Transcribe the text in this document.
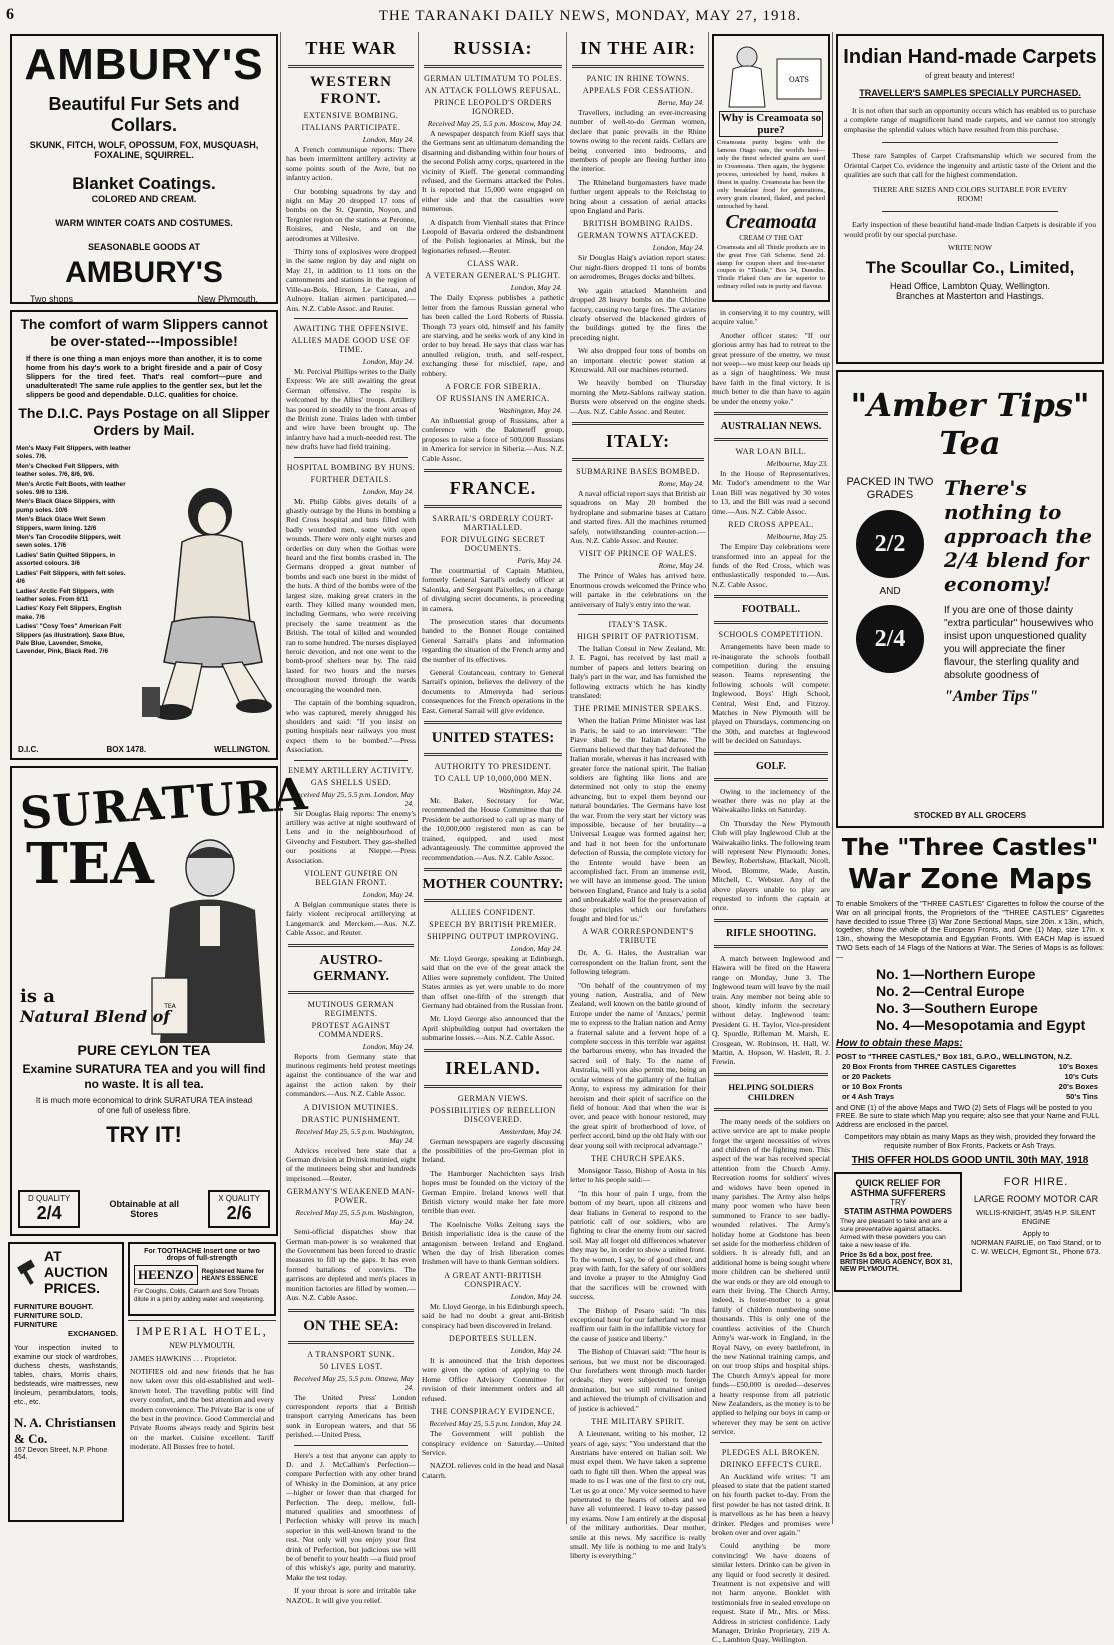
6	THE TARANAKI DAILY NEWS, MONDAY, MAY 27, 1918.
AMBURY'S
Beautiful Fur Sets and Collars.
SKUNK, FITCH, WOLF, OPOSSUM, FOX, MUSQUASH, FOXALINE, SQUIRREL.
Blanket Coatings.
COLORED AND CREAM.
WARM WINTER COATS AND COSTUMES.
SEASONABLE GOODS AT
AMBURY'S
Two shops	New Plymouth.
The comfort of warm Slippers cannot be over-stated---Impossible!
If there is one thing a man enjoys more than another, it is to come home from his day's work to a bright fireside and a pair of Cosy Slippers for the tired feet. That's real comfort—pure and unadulterated! The same rule applies to the gentler sex, but let the slippers be good and dependable. D.I.C. qualities for choice.
The D.I.C. Pays Postage on all Slipper Orders by Mail.
Men's Maxy Felt Slippers, with leather soles. 7/6.
Men's Checked Felt Slippers, with leather soles. 7/6, 8/6, 9/6.
Men's Arctic Felt Boots, with leather soles. 9/6 to 13/6.
Men's Black Glace Slippers, with pump soles. 10/6
Men's Black Glace Welt Sewn Slippers, warm lining. 12/6
Men's Tan Crocodile Slippers, welt sewn soles. 17/6
Ladies' Satin Quilted Slippers, in assorted colours. 3/6
Ladies' Felt Slippers, with felt soles. 4/6
Ladies' Arctic Felt Slippers, with leather soles. From 6/11
Ladies' Kozy Felt Slippers, English make. 7/6
Ladies' "Cosy Toes" American Felt Slippers (as illustration). Saxe Blue, Pale Blue, Lavender, Smoke, Lavender, Pink, Black Red. 7/6
D.I.C.	BOX 1478.	WELLINGTON.
SURATURA
TEA
TEA
is a
Natural Blend of
PURE CEYLON TEA
Examine SURATURA TEA and you will find no waste. It is all tea.
It is much more economical to drink SURATURA TEA instead of one full of useless fibre.
TRY IT!
D QUALITY
2/4	Obtainable at all Stores
X QUALITY
2/6
AT AUCTION PRICES.
FURNITURE BOUGHT.
FURNITURE SOLD.
FURNITURE
EXCHANGED.
Your inspection invited to examine our stock of wardrobes, duchess chests, washstands, tables, chairs, Morris chairs, bedsteads, wire mattresses, new linoleum, perambulators, tools, etc., etc.
N. A. Christiansen & Co.
167 Devon Street, N.P. Phone 454.
For TOOTHACHE Insert one or two drops of full-strength
HEENZO	Registered Name for HEAN'S ESSENCE
For Coughs, Colds, Catarrh and Sore Throats dilute in a pint by adding water and sweetening.
IMPERIAL HOTEL,
NEW PLYMOUTH.
JAMES HAWKINS . . . Proprietor.
NOTIFIES old and new friends that he has now taken over this old-established and well-known hotel. The travelling public will find every comfort, and the best attention and every modern convenience. The Private Bar is one of the best in the province. Good Commercial and Private Rooms always ready and Spirits best on the market. Cuisine excellent. Tariff moderate. All Busses free to hotel.
THE WAR
WESTERN FRONT.
EXTENSIVE BOMBING.
ITALIANS PARTICIPATE.
London, May 24.
A French communique reports: There has been intermittent artillery activity at some points south of the Avre, but no infantry action.
Our bombing squadrons by day and night on May 20 dropped 17 tons of bombs on the St. Quentin, Noyon, and Tergnier region on the stations at Peronne, Roisires, and Nesle, and on the aerodromes at Villesive.
Thirty tons of explosives were dropped in the same region by day and night on May 21, in addition to 11 tons on the cantonments and stations in the region of Ville-au-Bois, Hirson, Le Cateau, and Aulnoye. Italian airmen participated.—Aus. N.Z. Cable Assoc. and Reuter.
AWAITING THE OFFENSIVE.
ALLIES MADE GOOD USE OF TIME.
London, May 24.
Mr. Percival Phillips writes to the Daily Express: We are still awaiting the great German offensive. The respite is welcomed by the Allies' troops. Artillery has poured in steadily to the front areas of the British zone. Trains laden with timber and wire have been brought up. The infantry have had a much-needed rest. The new drafts have had field training.
HOSPITAL BOMBING BY HUNS.
FURTHER DETAILS.
London, May 24.
Mr. Philip Gibbs gives details of a ghastly outrage by the Huns in bombing a Red Cross hospital and huts filled with badly wounded men, some with open wounds. There were only eight nurses and orderlies on duty when the Gothas were heard and the first bombs crashed in. The Germans dropped a great number of bombs and each one burst in the midst of the huts. A third of the bombs were of the largest size, making great craters in the earth. They killed many wounded men, including Germans, who were receiving precisely the same treatment as the British. The total of killed and wounded ran to some hundred. The nurses displayed heroic devotion, and not one went to the bomb-proof shelters near by. The raid lasted for two hours and the nurses throughout moved through the wards encouraging the wounded men.
The captain of the bombing squadron, who was captured, merely shrugged his shoulders and said: "If you insist on putting hospitals near railways you must expect them to be bombed."—Press Association.
ENEMY ARTILLERY ACTIVITY.
GAS SHELLS USED.
Received May 25, 5.5 p.m. London, May 24.
Sir Douglas Haig reports: The enemy's artillery was active at night southward of Lens and in the neighbourhood of Givenchy and Festubert. They gas-shelled our positions at Nieppe.—Press Association.
VIOLENT GUNFIRE ON BELGIAN FRONT.
London, May 24.
A Belgian communique states there is fairly violent reciprocal artillerying at Langemarck and Merckem.—Aus. N.Z. Cable Assoc. and Reuter.
AUSTRO-GERMANY.
MUTINOUS GERMAN REGIMENTS.
PROTEST AGAINST COMMANDERS.
London, May 24.
Reports from Germany state that mutinous regiments held protest meetings against the continuance of the war and against the action taken by their commanders.—Aus. N.Z. Cable Assoc.
A DIVISION MUTINIES.
DRASTIC PUNISHMENT.
Received May 25, 5.5 p.m. Washington, May 24.
Advices received here state that a German division at Dvinsk mutinied, eight of the mutineers being shot and hundreds imprisoned.—Reuter.
GERMANY'S WEAKENED MAN-POWER.
Received May 25, 5.5 p.m. Washington, May 24.
Semi-official dispatches show that German man-power is so weakened that the Government has been forced to drastic measures to fill up the gaps. It has even formed battalions of convicts. The garrisons are depleted and men's places in munition factories are filled by women.—Aus. N.Z. Cable Assoc.
ON THE SEA:
A TRANSPORT SUNK.
50 LIVES LOST.
Received May 25, 5.5 p.m. Ottawa, May 24.
The United Press' London correspondent reports that a British transport carrying Americans has been sunk in European waters, and that 56 perished.—United Press.
Here's a test that anyone can apply to D. and J. McCallum's Perfection—compare Perfection with any other brand of Whisky in the Dominion, at any price —higher or lower than that charged for Perfection. The deep, mellow, full-matured qualities and smoothness of Perfection whisky will prove its much superior in this well-known brand to the rest. Not only will you enjoy your first drink of Perfection, but judicious use will be of benefit to your health —a fluid proof of this whisky's age, purity and maturity. Make the test today.
If your throat is sore and irritable take NAZOL. It will give you relief.
RUSSIA:
GERMAN ULTIMATUM TO POLES.
AN ATTACK FOLLOWS REFUSAL.
PRINCE LEOPOLD'S ORDERS IGNORED.
Received May 25, 5.5 p.m. Moscow, May 24.
A newspaper despatch from Kieff says that the Germans sent an ultimatum demanding the disarming and disbanding within four hours of the second Polish army corps, quartered in the vicinity of Kieff. The general commanding refused, and the Germans attacked the Poles. It is reported that 15,000 were engaged on either side and that the casualties were numerous.
A dispatch from Vienhall states that Prince Leopold of Bavaria ordered the disbandment of the Polish legionaries at Minsk, but the legionaries refused.—Reuter.
CLASS WAR.
A VETERAN GENERAL'S PLIGHT.
London, May 24.
The Daily Express publishes a pathetic letter from the famous Russian general who has been called the Lord Roberts of Russia. Though 73 years old, himself and his family are starving, and he seeks work of any kind in order to buy bread. He says that class war has annulled religion, truth, and self-respect, exchanging these for mischief, rape, and robbery.
A FORCE FOR SIBERIA.
OF RUSSIANS IN AMERICA.
Washington, May 24.
An influential group of Russians, after a conference with the Bakmeteff group, proposes to raise a force of 500,000 Russians in America for service in Siberia.—Aus. N.Z. Cable Assoc.
FRANCE.
SARRAIL'S ORDERLY COURT-MARTIALLED.
FOR DIVULGING SECRET DOCUMENTS.
Paris, May 24.
The courtmartial of Captain Mathieu, formerly General Sarrail's orderly officer at Salonika, and Sergeant Paixelles, on a charge of divulging secret documents, is proceeding in camera.
The prosecution states that documents handed to the Bonnet Rouge contained General Sarrail's plans and information regarding the situation of the French army and the number of its effectives.
General Coutanceau, contrary to General Sarrail's opinion, believes the delivery of the documents to Almereyda had serious consequences for the French operations in the East. General Sarrail will give evidence.
UNITED STATES:
AUTHORITY TO PRESIDENT.
TO CALL UP 10,000,000 MEN.
Washington, May 24.
Mr. Baker, Secretary for War, recommended the House Committee that the President be authorised to call up as many of the 10,000,000 registered men as can be trained, equipped, and used most advantageously. The committee approved the recommendation.—Aus. N.Z. Cable Assoc.
MOTHER COUNTRY:
ALLIES CONFIDENT.
SPEECH BY BRITISH PREMIER.
SHIPPING OUTPUT IMPROVING.
London, May 24.
Mr. Lloyd George, speaking at Edinburgh, said that on the eve of the great attack the Allies were supremely confident. The United States armies as yet were unable to do more than offset one-fifth of the strength that Germany had obtained from the Russian front.
Mr. Lloyd George also announced that the April shipbuilding output had overtaken the submarine losses.—Aus. N.Z. Cable Assoc.
IRELAND.
GERMAN VIEWS.
POSSIBILITIES OF REBELLION DISCOVERED.
Amsterdam, May 24.
German newspapers are eagerly discussing the possibilities of the pro-German plot in Ireland.
The Hamburger Nachrichten says Irish hopes must be founded on the victory of the German Empire. Ireland knows well that British victory would make her fate more terrible than ever.
The Koelnische Volks Zeitung says the British imperialistic idea is the cause of the antagonism between Ireland and England. When the day of Irish liberation comes Irishmen will have to thank German soldiers.
A GREAT ANTI-BRITISH CONSPIRACY.
London, May 24.
Mr. Lloyd George, in his Edinburgh speech, said he had no doubt a great anti-British conspiracy had been discovered in Ireland.
DEPORTEES SULLEN.
London, May 24.
It is announced that the Irish deportees were given the option of applying to the Home Office Advisory Committee for revision of their internment orders and all refused.
THE CONSPIRACY EVIDENCE.
Received May 25, 5.5 p.m. London, May 24.
The Government will publish the conspiracy evidence on Saturday.—United Service.
NAZOL relieves cold in the head and Nasal Catarrh.
IN THE AIR:
PANIC IN RHINE TOWNS.
APPEALS FOR CESSATION.
Berne, May 24.
Travellers, including an ever-increasing number of well-to-do German women, declare that panic prevails in the Rhine towns owing to the recent raids. Cellars are being converted into bedrooms, and members of people are fleeing further into the interior.
The Rhineland burgomasters have made further urgent appeals to the Reichstag to bring about a cessation of aerial attacks upon England and Paris.
BRITISH BOMBING RAIDS.
GERMAN TOWNS ATTACKED.
London, May 24.
Sir Douglas Haig's aviation report states: Our night-fliers dropped 11 tons of bombs on aerodromes, Bruges docks and billets.
We again attacked Mannheim and dropped 28 heavy bombs on the Chlorine factory, causing two large fires. The aviators clearly observed the blackened girders of the buildings gutted by the fires the preceding night.
We also dropped four tons of bombs on an important electric power station at Kreuzwald. All our machines returned.
We heavily bombed on Thursday morning the Metz-Sablons railway station. Bursts were observed on the engine sheds.—Aus. N.Z. Cable Assoc. and Reuter.
ITALY:
SUBMARINE BASES BOMBED.
Rome, May 24.
A naval official report says that British air squadrons on May 20 bombed the hydroplane and submarine bases at Cattaro and started fires. All the machines returned safely, notwithstanding counter-action.—Aus. N.Z. Cable Assoc. and Reuter.
VISIT OF PRINCE OF WALES.
Rome, May 24.
The Prince of Wales has arrived here. Enormous crowds welcomed the Prince who will partake in the celebrations on the anniversary of Italy's entry into the war.
ITALY'S TASK.
HIGH SPIRIT OF PATRIOTISM.
The Italian Consul in New Zealand, Mr. J. E. Pagni, has received by last mail a number of papers and letters bearing on Italy's part in the war, and has furnished the following extracts which he has kindly translated:
THE PRIME MINISTER SPEAKS.
When the Italian Prime Minister was last in Paris, he said to an interviewer: "The Piave shall be the Italian Marne. The Germans believed that they had defeated the Italian morale, whereas it has increased with greater force the national spirit. The Italian soldiers are fighting like lions and are determined not only to stop the enemy advancing, but to expel them beyond our natural boundaries. The Germans have lost the war. From the very start her victory was impossible, because of her brutality—a Universal League was formed against her; and had it not been for the unfortunate defection of Russia, the complete victory for the Entente would have been an accomplished fact. From an immense evil, we will have an immense good. The union between England, France and Italy is a solid and unbreakable wall for the preservation of those principles which our forefathers fought and bled for us."
A WAR CORRESPONDENT'S TRIBUTE
Dr. A. G. Hales, the Australian war correspondent on the Italian front, sent the following telegram.
"On behalf of the countrymen of my young nation, Australia, and of New Zealand, well known on the battle ground of Europe under the name of 'Anzacs,' permit me to express to the Italian nation and Army a fraternal salute and a fervent hope of a complete success in this terrible war against the barbarous enemy, who has invaded the sacred soil of Italy. To the name of Australia, will you also permit me, being an ocular witness of the gallantry of the Italian Army, to express my admiration for their heroism and their spirit of sacrifice on the field of honour. And that when the war is over, and peace with honour restored, may the great spirit of brotherhood of love, of perfect accord, bind up the old Italy with our dear young soil with reciprocal advantage."
THE CHURCH SPEAKS.
Monsignor Tasso, Bishop of Aosta in his letter to his people said:—
"In this hour of pain I urge, from the bottom of my heart, upon all citizens and dear Italians in General to respond to the patriotic call of our soldiers, who are fighting to clear the enemy from our sacred soil. May all forget old differences whatever they may be, in order to show a united front. To the women, I say, be of good cheer, and pray with faith, for the safety of our soldiers and invoke a prayer to the Almighty God that the sacrifices will be crowned with success.
The Bishop of Pesaro said: "In this exceptional hour for our fatherland we must reaffirm our faith in the infallible victory for the cause of justice and liberty."
The Bishop of Chiavari said: "The hour is serious, but we must not be discouraged. Our forefathers went through much harder ordeals; they were subjected to foreign domination, but we still remained united and achieved the triumph of civilisation and of justice is achieved."
THE MILITARY SPIRIT.
A Lieutenant, writing to his mother, 12 years of age, says: "You understand that the Austrians have entered on Italian soil. We must expel them. We have taken a supreme oath to fight till then. When the appeal was made to us I was one of the first to cry out, 'Let us go at once.' My voice seemed to have penetrated to the hearts of others and we have all volunteered. I leave to-day passed my exams. Now I am entirely at the disposal of the military authorities. Dear mother, smile at this news. My sacrifice is really small. My life is nothing to me and Italy's liberty is everything."
OATS
Why is Creamoata so pure?
Creamoata purity begins with the famous Otago oats, the world's best—only the finest selected grains are used in Creamoata. Then again, the hygienic process, untouched by hand, makes it finest in quality. Creamoata has been the only breakfast food for generations, every grain cleaned, flaked, and packed untouched by hand.
Creamoata
CREAM O' THE OAT
Creamoata and all Thistle products are in the great Free Gift Scheme. Send 2d. stamp for coupon sheet and free-starter coupon to "Thistle," Box 34, Dunedin. Thistle Flaked Oats are far superior to ordinary rolled oats in purity and flavour.
in conserving it to my country, will acquire value."
Another officer states: "If our glorious army has had to retreat to the great pressure of the enemy, we must not weep—we must keep our heads up as a sign of haughtiness. We must have faith in the final victory. It is much better to die than have to again be under the enemy yoke."
AUSTRALIAN NEWS.
WAR LOAN BILL.
Melbourne, May 23.
In the House of Representatives, Mr. Tudor's amendment to the War Loan Bill was negatived by 30 votes to 13, and the Bill was read a second time.—Aus. N.Z. Cable Assoc.
RED CROSS APPEAL.
Melbourne, May 25.
The Empire Day celebrations were transformed into an appeal for the funds of the Red Cross, which was enthusiastically responded to.—Aus. N.Z. Cable Assoc.
FOOTBALL.
SCHOOLS COMPETITION.
Arrangements have been made to re-inaugurate the schools football competition during the ensuing season. Teams representing the following schools will compete: Inglewood, Boys' High School, Central, West End, and Fitzroy. Matches in New Plymouth will be played on Thursdays, commencing on the 30th, and matches at Inglewood will be decided on Saturdays.
GOLF.
Owing to the inclemency of the weather there was no play at the Waiwakaiho links on Saturday.
On Thursday the New Plymouth Club will play Inglewood Club at the Waiwakaiho links. The following team will represent New Plymouth: Jones, Bewley, Robertshaw, Blackall, Nicoll, Wood, Blomme, Wade, Austin, Mitchell, C. Webster. Any of the above players unable to play are requested to inform the captain at once.
RIFLE SHOOTING.
A match between Inglewood and Hawera will be fired on the Hawera range on Monday, June 3. The Inglewood team will leave by the mail train. Any member not being able to shoot, kindly inform the secretary without delay. Inglewood team: President G. H. Taylor, Vice-president Q. Spurdle, Rifleman M. Marsh, E. Crosgean, W. Robinson, H. Hall, W. Martin, A. Hopson, W. Haslett, R. J. Frewin.
HELPING SOLDIERS CHILDREN
The many needs of the soldiers on active service are apt to make people forget the urgent necessities of wives and children of the fighting men. This aspect of the war has received special attention from the Church Army. Recreation rooms for soldiers' wives and widows have been opened in many parishes. The Army also helps many poor women who have been summoned to France to see badly-wounded relatives. The Army's holiday home at Godstone has been set aside for the motherless children of soldiers. It is already full, and an additional home is being sought where more children can be sheltered until the war ends or they are old enough to earn their living. The Church Army, indeed, is foster-mother to a great family of children numbering some thousands. This is only one of the countless activities of the Church Army's war-work in England, in the Royal Navy, on every battlefront, in the new National training camps, and on our troop ships and hospital ships. The Church Army's appeal for more funds—£50,000 is needed—deserves a hearty response from all patriotic New Zealanders, as the money is to be applied to helping our boys in camp or wherever they may be sent on active service.
PLEDGES ALL BROKEN.
DRINKO EFFECTS CURE.
An Auckland wife writes: "I am pleased to state that the patient started on his fourth packet to-day. From the first powder he has not tasted drink. It is marvellous as he has been a heavy drinker. Pledges and promises were broken over and over again."
Could anything be more convincing! We have dozens of similar letters. Drinko can be given in any liquid or food secretly it desired. Treatment is not expensive and will not harm anyone. Booklet with testimonials free in sealed envelope on request. State if Mr., Mrs. or Miss. Address in strictest confidence. Lady Manager, Drinko Proprietary, 219 A. C., Lambton Quay, Wellington.
Indian Hand-made Carpets
of great beauty and interest!
TRAVELLER'S SAMPLES SPECIALLY PURCHASED.
It is not often that such an opportunity occurs which has enabled us to purchase a complete range of magnificent hand made carpets, and we cannot too strongly emphasise the splendid values which have resulted from this purchase.
These rare Samples of Carpet Craftsmanship which we secured from the Oriental Carpet Co. evidence the ingenuity and artistic taste of the Orient and the qualities are such that call for the highest commendation.
THERE ARE SIZES AND COLORS SUITABLE FOR EVERY ROOM!
Early inspection of these beautiful hand-made Indian Carpets is desirable if you would profit by our special purchase.
WRITE NOW
The Scoullar Co., Limited,
Head Office, Lambton Quay, Wellington.
Branches at Masterton and Hastings.
"Amber Tips" Tea
PACKED IN TWO GRADES
2/2
AND
2/4
There's nothing to approach the 2/4 blend for economy!
If you are one of those dainty "extra particular" housewives who insist upon unquestioned quality you will appreciate the finer flavour, the sterling quality and absolute goodness of
"Amber Tips"
STOCKED BY ALL GROCERS
The "Three Castles"
War Zone Maps
To enable Smokers of the "THREE CASTLES" Cigarettes to follow the course of the War on all principal fronts, the Proprietors of the "THREE CASTLES" Cigarettes have decided to issue Three (3) War Zone Sectional Maps, size 20in. x 13in., which, together, show the whole of the European Fronts, and One (1) Map, size 17in. x 13in., showing the Mesopotamia and Egyptian Fronts. With EACH Map is issued TWO Sets each of 14 Flags of the Nations at War. The Series of Maps is as follows:—
No. 1—Northern Europe
No. 2—Central Europe
No. 3—Southern Europe
No. 4—Mesopotamia and Egypt
How to obtain these Maps:
POST to "THREE CASTLES," Box 181, G.P.O., WELLINGTON, N.Z.
20 Box Fronts from THREE CASTLES Cigarettes	10's Boxes
or 20 Packets	10's Cuts
or 10 Box Fronts	20's Boxes
or 4 Ash Trays	50's Tins
and ONE (1) of the above Maps and TWO (2) Sets of Flags will be posted to you FREE. Be sure to state which Map you require; also see that your Name and FULL Address are enclosed in the parcel.
Competitors may obtain as many Maps as they wish, provided they forward the requisite number of Box Fronts, Packets or Ash Trays.
THIS OFFER HOLDS GOOD UNTIL 30th MAY, 1918
QUICK RELIEF FOR ASTHMA SUFFERERS
TRY
STATIM ASTHMA POWDERS
They are pleasant to take and are a sure preventative against attacks. Armed with these powders you can take a new lease of life.
Price 3s 6d a box, post free.
BRITISH DRUG AGENCY, BOX 31, NEW PLYMOUTH.
FOR HIRE.
LARGE ROOMY MOTOR CAR
WILLIS-KNIGHT, 35/45 H.P. SILENT ENGINE
Apply to
NORMAN FAIRLIE, on Taxi Stand, or to
C. W. WELCH, Egmont St., Phone 673.
